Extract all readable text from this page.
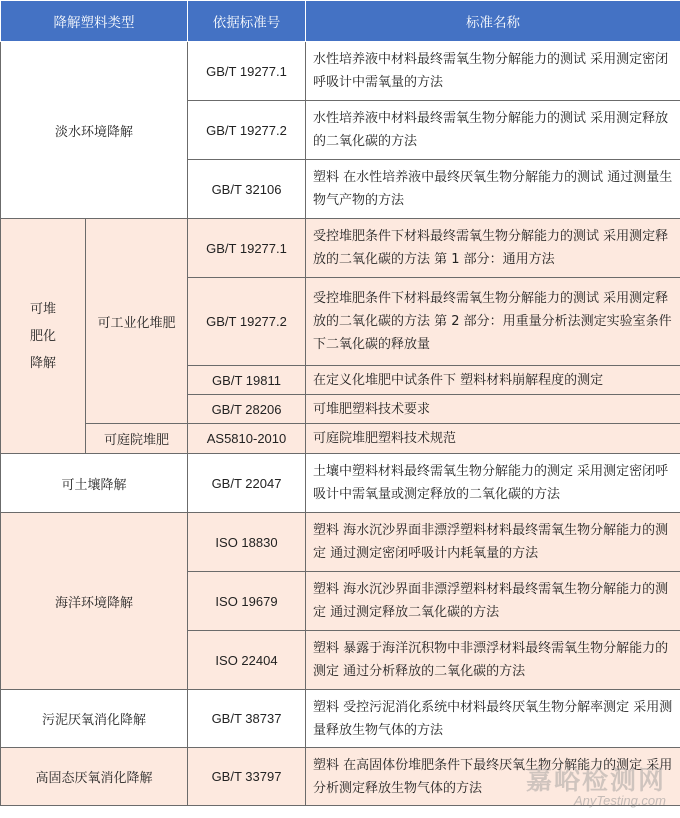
降解塑料类型		依据标准号	标准名称
淡水环境降解		GB/T 19277.1	水性培养液中材料最终需氧生物分解能力的测试 采用测定密闭呼吸计中需氧量的方法
		GB/T 19277.2	水性培养液中材料最终需氧生物分解能力的测试 采用测定释放的二氧化碳的方法
		GB/T 32106	塑料 在水性培养液中最终厌氧生物分解能力的测试 通过测量生物气产物的方法
可堆肥化降解	可工业化堆肥	GB/T 19277.1	受控堆肥条件下材料最终需氧生物分解能力的测试 采用测定释放的二氧化碳的方法 第 1 部分：通用方法
		GB/T 19277.2	受控堆肥条件下材料最终需氧生物分解能力的测试 采用测定释放的二氧化碳的方法 第 2 部分：用重量分析法测定实验室条件下二氧化碳的释放量
		GB/T 19811	在定义化堆肥中试条件下 塑料材料崩解程度的测定
		GB/T 28206	可堆肥塑料技术要求
	可庭院堆肥	AS5810-2010	可庭院堆肥塑料技术规范
可土壤降解		GB/T 22047	土壤中塑料材料最终需氧生物分解能力的测定 采用测定密闭呼吸计中需氧量或测定释放的二氧化碳的方法
海洋环境降解		ISO 18830	塑料 海水沉沙界面非漂浮塑料材料最终需氧生物分解能力的测定 通过测定密闭呼吸计内耗氧量的方法
		ISO 19679	塑料 海水沉沙界面非漂浮塑料材料最终需氧生物分解能力的测定 通过测定释放二氧化碳的方法
		ISO 22404	塑料 暴露于海洋沉积物中非漂浮材料最终需氧生物分解能力的测定 通过分析释放的二氧化碳的方法
污泥厌氧消化降解		GB/T 38737	塑料 受控污泥消化系统中材料最终厌氧生物分解率测定 采用测量释放生物气体的方法
高固态厌氧消化降解		GB/T 33797	塑料 在高固体份堆肥条件下最终厌氧生物分解能力的测定 采用分析测定释放生物气体的方法 嘉峪检测网
AnyTesting.com
